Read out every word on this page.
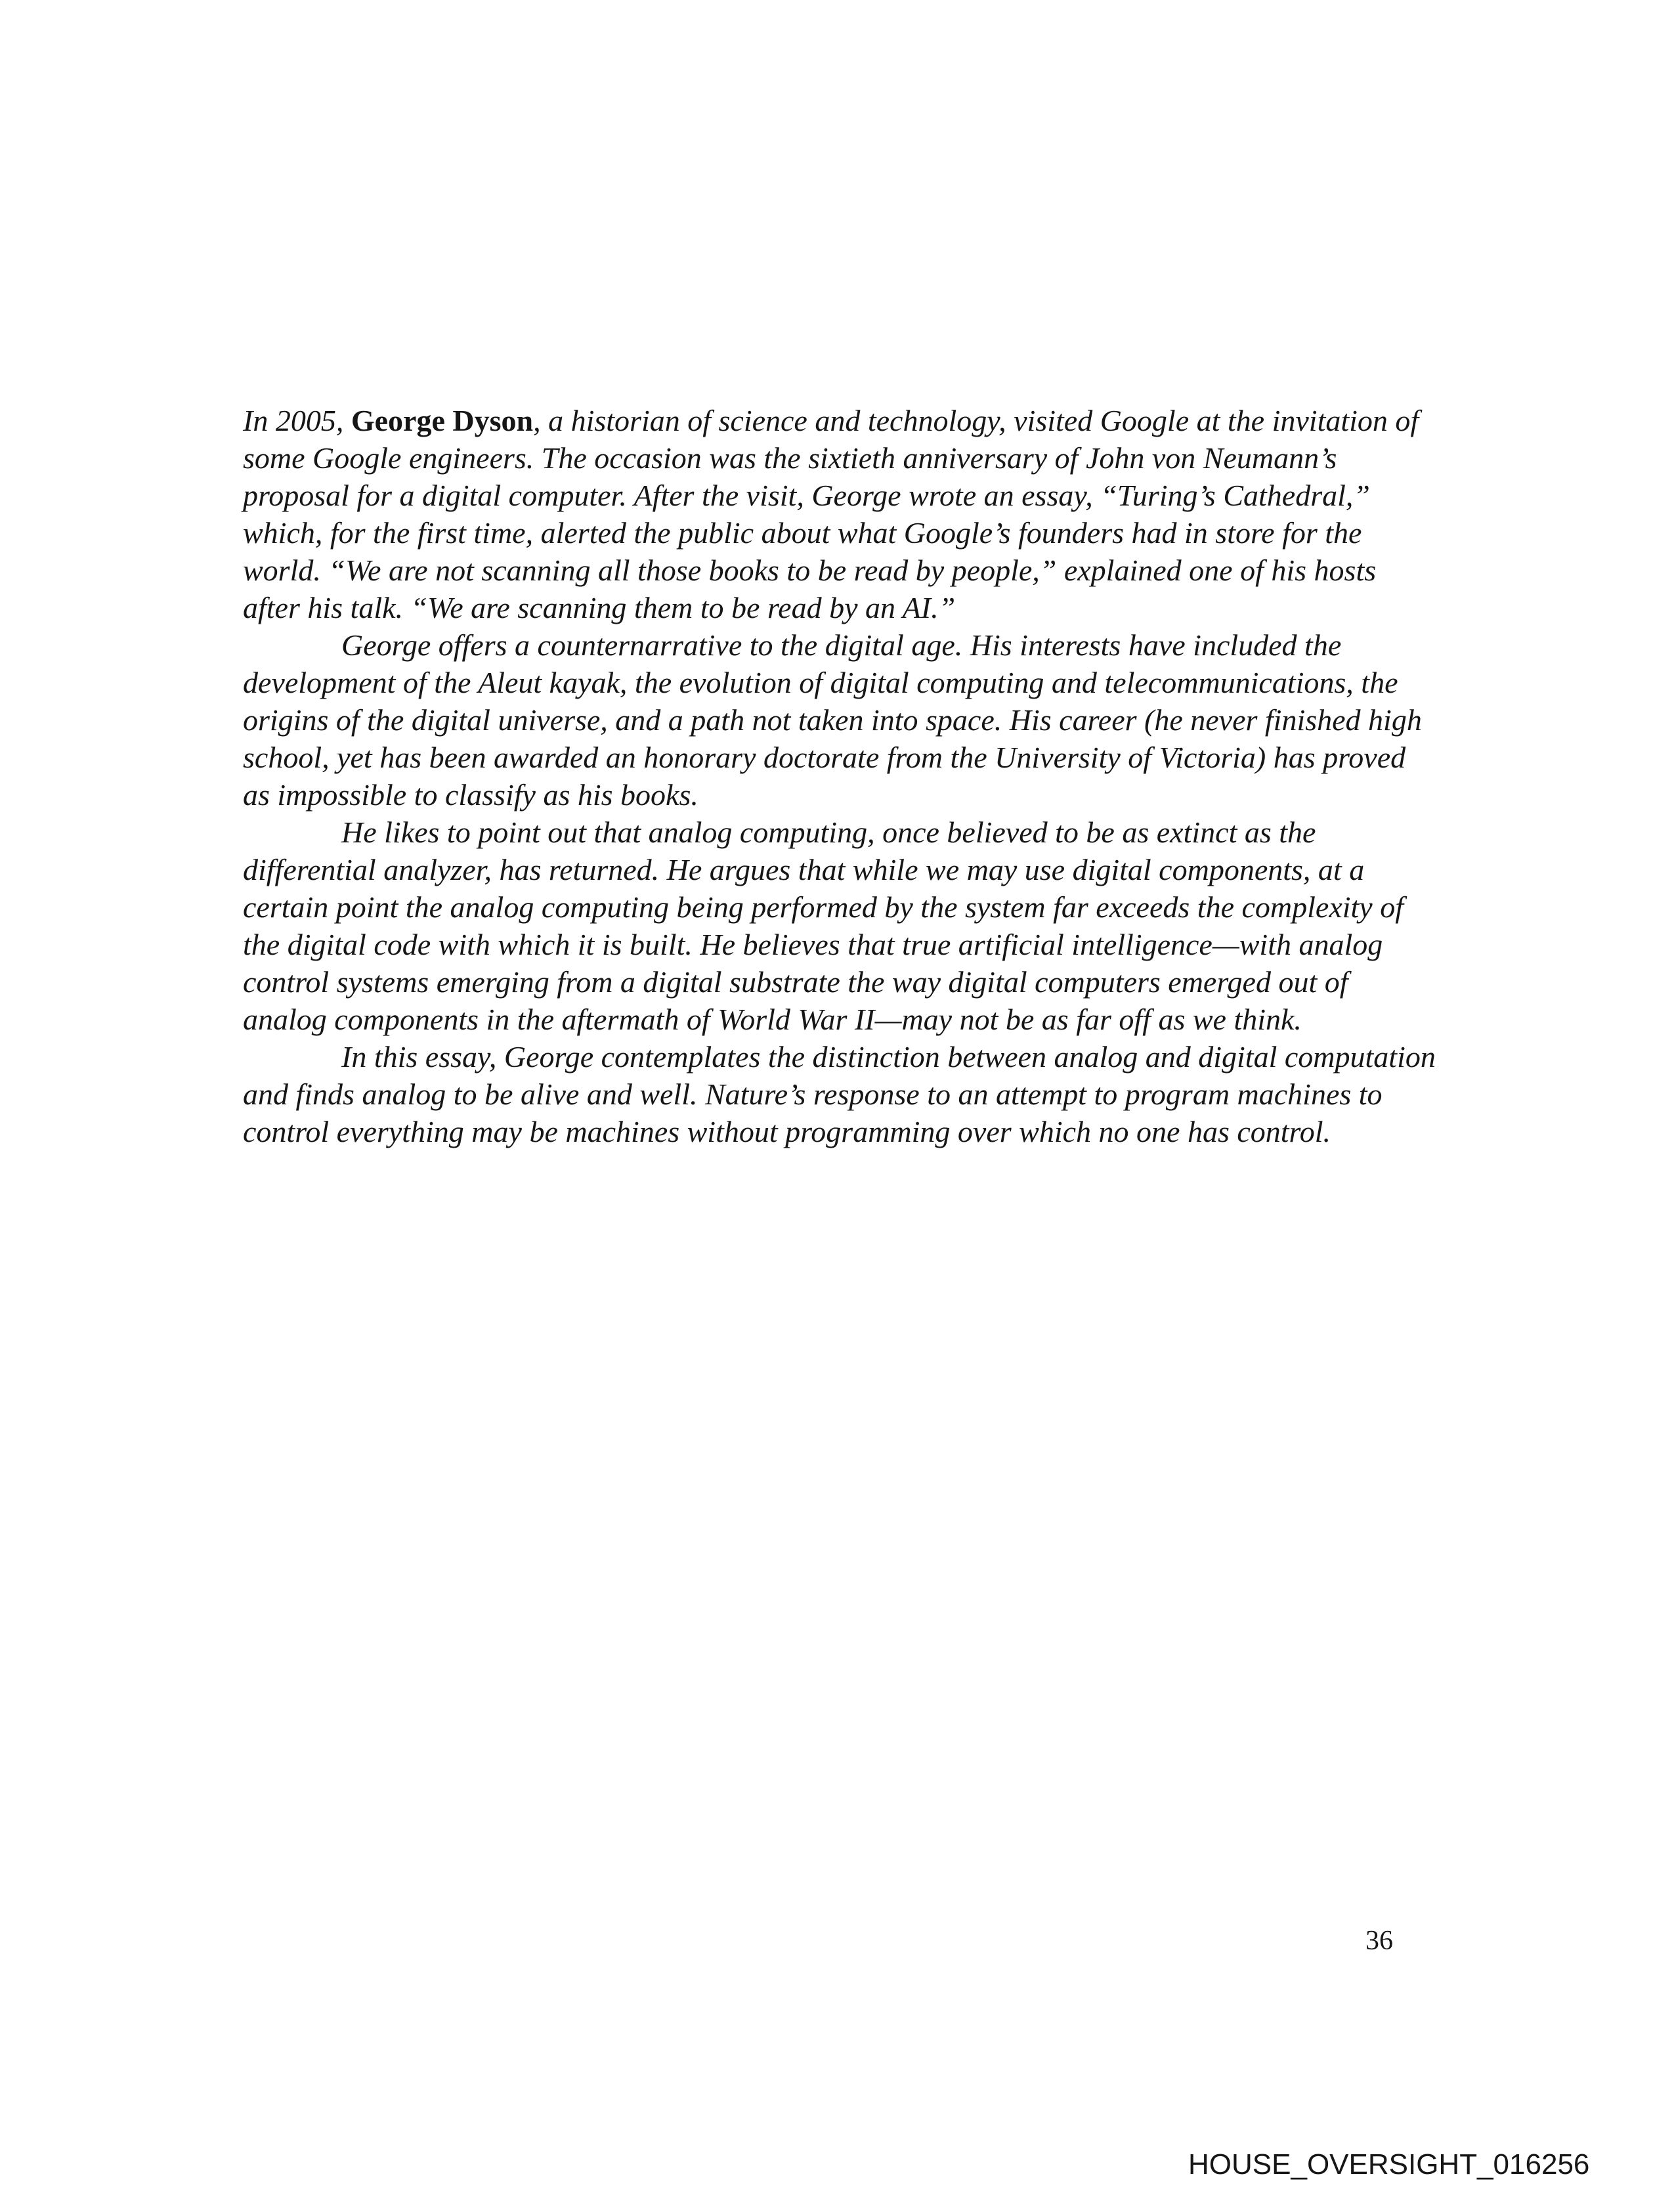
In 2005, George Dyson, a historian of science and technology, visited Google at the invitation of some Google engineers. The occasion was the sixtieth anniversary of John von Neumann’s proposal for a digital computer. After the visit, George wrote an essay, “Turing’s Cathedral,” which, for the first time, alerted the public about what Google’s founders had in store for the world. “We are not scanning all those books to be read by people,” explained one of his hosts after his talk. “We are scanning them to be read by an AI.”

George offers a counternarrative to the digital age. His interests have included the development of the Aleut kayak, the evolution of digital computing and telecommunications, the origins of the digital universe, and a path not taken into space. His career (he never finished high school, yet has been awarded an honorary doctorate from the University of Victoria) has proved as impossible to classify as his books.

He likes to point out that analog computing, once believed to be as extinct as the differential analyzer, has returned. He argues that while we may use digital components, at a certain point the analog computing being performed by the system far exceeds the complexity of the digital code with which it is built. He believes that true artificial intelligence—with analog control systems emerging from a digital substrate the way digital computers emerged out of analog components in the aftermath of World War II—may not be as far off as we think.

In this essay, George contemplates the distinction between analog and digital computation and finds analog to be alive and well. Nature’s response to an attempt to program machines to control everything may be machines without programming over which no one has control.

36
HOUSE_OVERSIGHT_016256
